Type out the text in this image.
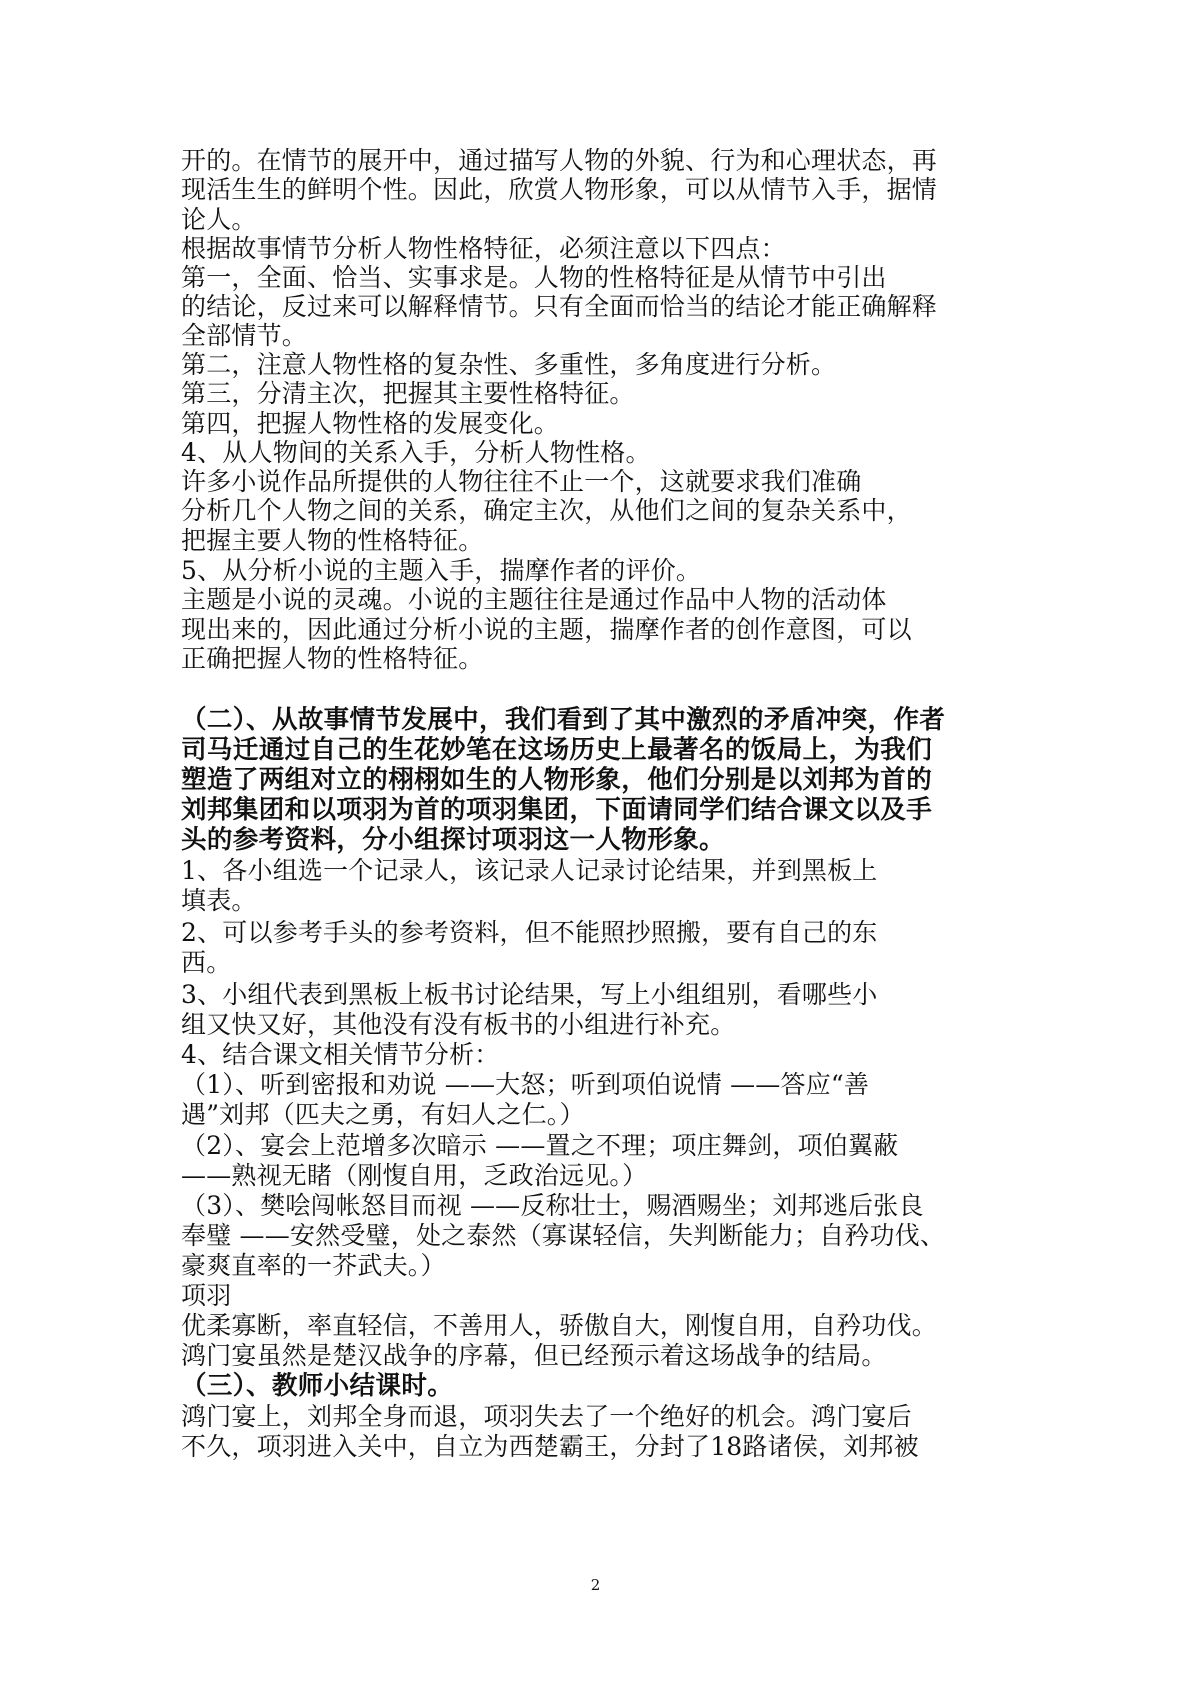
开的。在情节的展开中，通过描写人物的外貌、行为和心理状态，再
现活生生的鲜明个性。因此，欣赏人物形象，可以从情节入手，据情
论人。
根据故事情节分析人物性格特征，必须注意以下四点：
第一，全面、恰当、实事求是。人物的性格特征是从情节中引出
的结论，反过来可以解释情节。只有全面而恰当的结论才能正确解释
全部情节。
第二，注意人物性格的复杂性、多重性，多角度进行分析。
第三，分清主次，把握其主要性格特征。
第四，把握人物性格的发展变化。
4、从人物间的关系入手，分析人物性格。
许多小说作品所提供的人物往往不止一个，这就要求我们准确
分析几个人物之间的关系，确定主次，从他们之间的复杂关系中，
把握主要人物的性格特征。
5、从分析小说的主题入手，揣摩作者的评价。
主题是小说的灵魂。小说的主题往往是通过作品中人物的活动体
现出来的，因此通过分析小说的主题，揣摩作者的创作意图，可以
正确把握人物的性格特征。
（二）、从故事情节发展中，我们看到了其中激烈的矛盾冲突，作者
司马迁通过自己的生花妙笔在这场历史上最著名的饭局上，为我们
塑造了两组对立的栩栩如生的人物形象，他们分别是以刘邦为首的
刘邦集团和以项羽为首的项羽集团，下面请同学们结合课文以及手
头的参考资料，分小组探讨项羽这一人物形象。
1、各小组选一个记录人，该记录人记录讨论结果，并到黑板上
填表。
2、可以参考手头的参考资料，但不能照抄照搬，要有自己的东
西。
3、小组代表到黑板上板书讨论结果，写上小组组别，看哪些小
组又快又好，其他没有没有板书的小组进行补充。
4、结合课文相关情节分析：
（1）、听到密报和劝说 ——大怒；听到项伯说情 ——答应“善
遇”刘邦（匹夫之勇，有妇人之仁。）
（2）、宴会上范增多次暗示 ——置之不理；项庄舞剑，项伯翼蔽
——熟视无睹（刚愎自用，乏政治远见。）
（3）、樊哙闯帐怒目而视 ——反称壮士，赐酒赐坐；刘邦逃后张良
奉璧 ——安然受璧，处之泰然（寡谋轻信，失判断能力；自矜功伐、
豪爽直率的一芥武夫。）
项羽
优柔寡断，率直轻信，不善用人，骄傲自大，刚愎自用，自矜功伐。
鸿门宴虽然是楚汉战争的序幕，但已经预示着这场战争的结局。
（三）、教师小结课时。
鸿门宴上，刘邦全身而退，项羽失去了一个绝好的机会。鸿门宴后
不久，项羽进入关中，自立为西楚霸王，分封了18路诸侯，刘邦被
2
